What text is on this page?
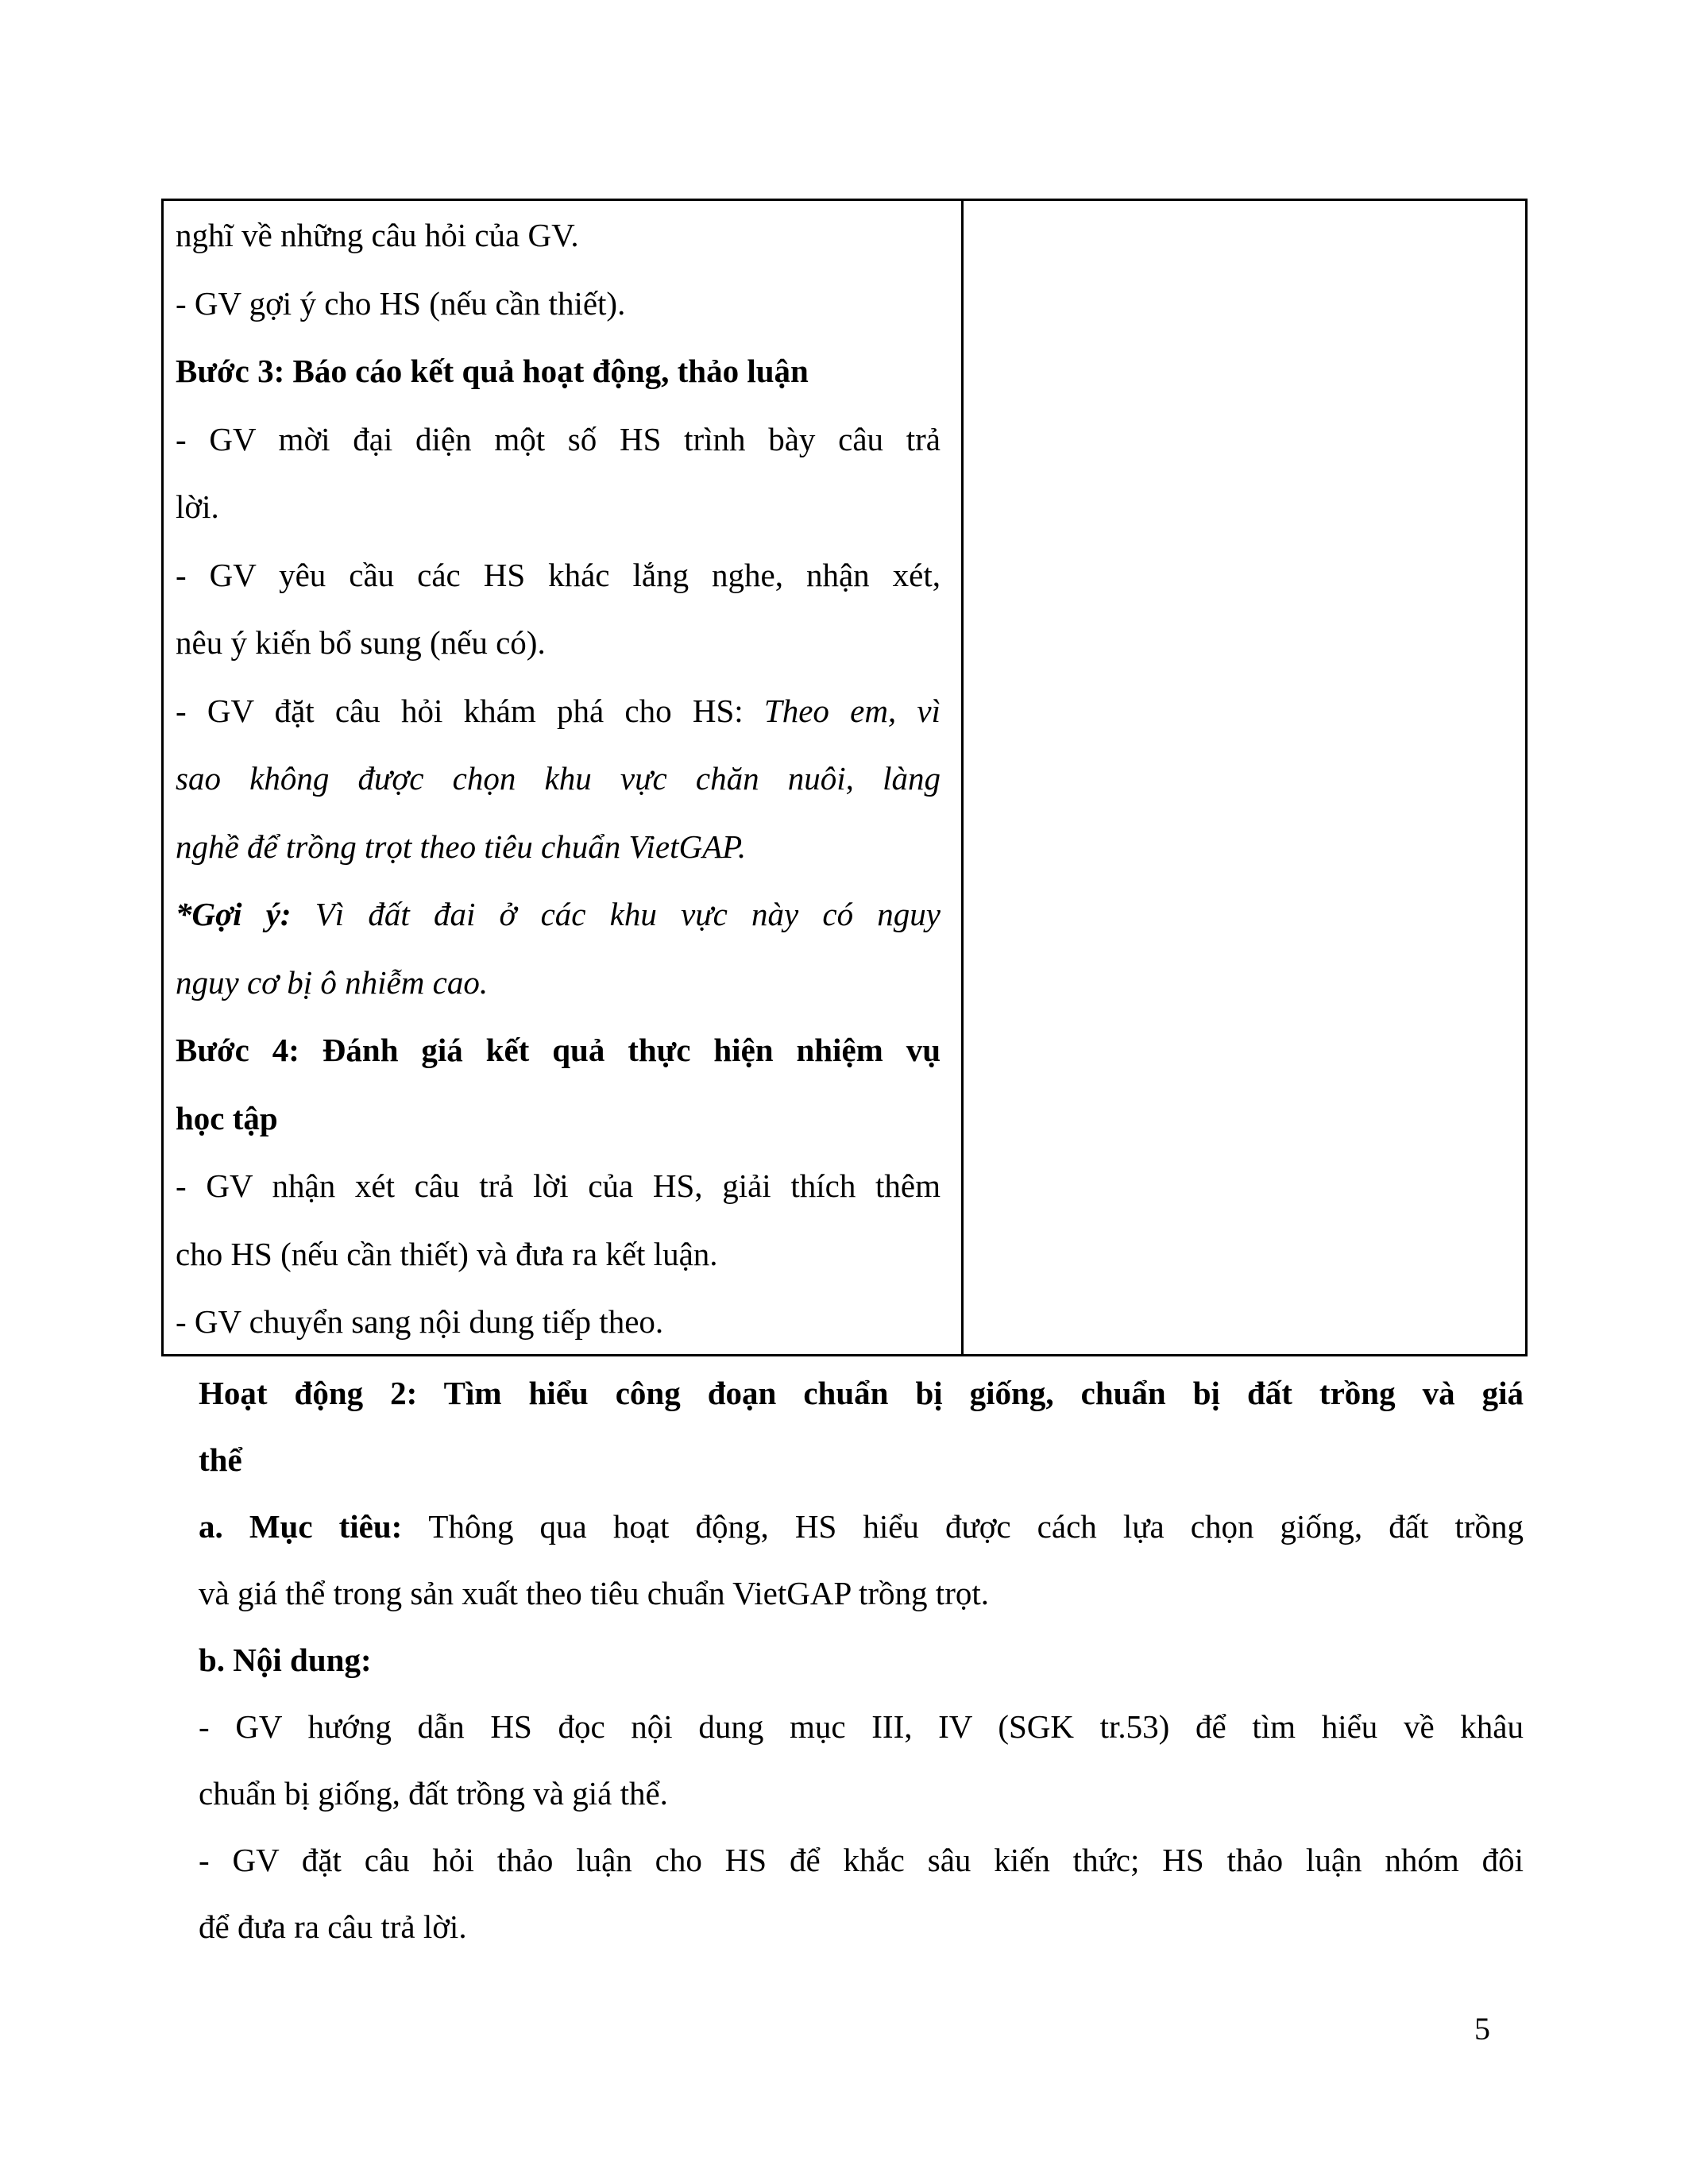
nghĩ về những câu hỏi của GV.
- GV gợi ý cho HS (nếu cần thiết).
Bước 3: Báo cáo kết quả hoạt động, thảo luận
- GV mời đại diện một số HS trình bày câu trả
lời.
- GV yêu cầu các HS khác lắng nghe, nhận xét,
nêu ý kiến bổ sung (nếu có).
- GV đặt câu hỏi khám phá cho HS: Theo em, vì
sao không được chọn khu vực chăn nuôi, làng
nghề để trồng trọt theo tiêu chuẩn VietGAP.
*Gợi ý: Vì đất đai ở các khu vực này có nguy
nguy cơ bị ô nhiễm cao.
Bước 4: Đánh giá kết quả thực hiện nhiệm vụ
học tập
- GV nhận xét câu trả lời của HS, giải thích thêm
cho HS (nếu cần thiết) và đưa ra kết luận.
- GV chuyển sang nội dung tiếp theo.
Hoạt động 2: Tìm hiểu công đoạn chuẩn bị giống, chuẩn bị đất trồng và giá
thể
a. Mục tiêu: Thông qua hoạt động, HS hiểu được cách lựa chọn giống, đất trồng
và giá thể trong sản xuất theo tiêu chuẩn VietGAP trồng trọt.
b. Nội dung:
- GV hướng dẫn HS đọc nội dung mục III, IV (SGK tr.53) để tìm hiểu về khâu
chuẩn bị giống, đất trồng và giá thể.
- GV đặt câu hỏi thảo luận cho HS để khắc sâu kiến thức; HS thảo luận nhóm đôi
để đưa ra câu trả lời.
5
